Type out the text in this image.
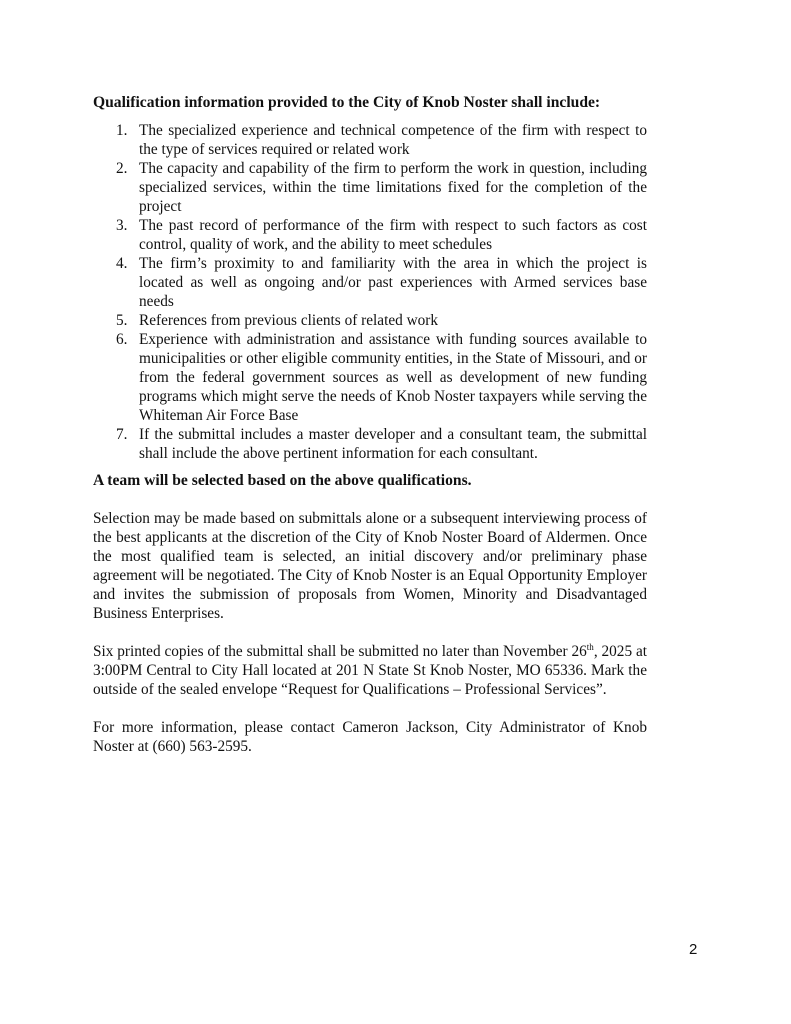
Qualification information provided to the City of Knob Noster shall include:

1. The specialized experience and technical competence of the firm with respect to the type of services required or related work
2. The capacity and capability of the firm to perform the work in question, including specialized services, within the time limitations fixed for the completion of the project
3. The past record of performance of the firm with respect to such factors as cost control, quality of work, and the ability to meet schedules
4. The firm’s proximity to and familiarity with the area in which the project is located as well as ongoing and/or past experiences with Armed services base needs
5. References from previous clients of related work
6. Experience with administration and assistance with funding sources available to municipalities or other eligible community entities, in the State of Missouri, and or from the federal government sources as well as development of new funding programs which might serve the needs of Knob Noster taxpayers while serving the Whiteman Air Force Base
7. If the submittal includes a master developer and a consultant team, the submittal shall include the above pertinent information for each consultant.

A team will be selected based on the above qualifications.

Selection may be made based on submittals alone or a subsequent interviewing process of the best applicants at the discretion of the City of Knob Noster Board of Aldermen. Once the most qualified team is selected, an initial discovery and/or preliminary phase agreement will be negotiated. The City of Knob Noster is an Equal Opportunity Employer and invites the submission of proposals from Women, Minority and Disadvantaged Business Enterprises.

Six printed copies of the submittal shall be submitted no later than November 26th, 2025 at 3:00PM Central to City Hall located at 201 N State St Knob Noster, MO 65336. Mark the outside of the sealed envelope “Request for Qualifications – Professional Services”.

For more information, please contact Cameron Jackson, City Administrator of Knob Noster at (660) 563-2595.

2
